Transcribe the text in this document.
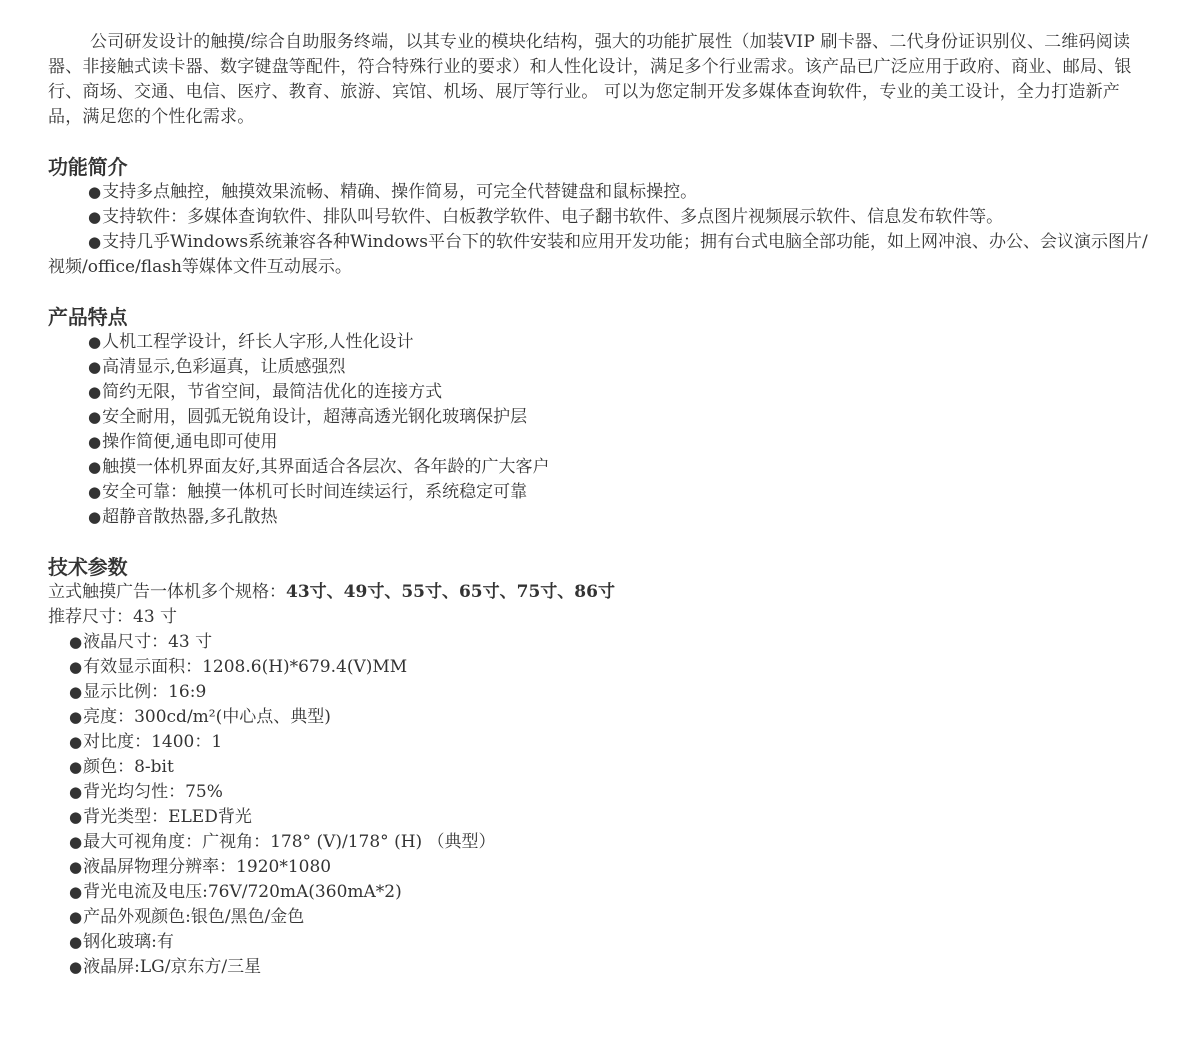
公司研发设计的触摸/综合自助服务终端，以其专业的模块化结构，强大的功能扩展性（加装VIP 刷卡器、二代身份证识别仪、二维码阅读器、非接触式读卡器、数字键盘等配件，符合特殊行业的要求）和人性化设计，满足多个行业需求。该产品已广泛应用于政府、商业、邮局、银行、商场、交通、电信、医疗、教育、旅游、宾馆、机场、展厅等行业。 可以为您定制开发多媒体查询软件，专业的美工设计，全力打造新产品，满足您的个性化需求。

功能简介
●支持多点触控，触摸效果流畅、精确、操作简易，可完全代替键盘和鼠标操控。
●支持软件：多媒体查询软件、排队叫号软件、白板教学软件、电子翻书软件、多点图片视频展示软件、信息发布软件等。
●支持几乎Windows系统兼容各种Windows平台下的软件安装和应用开发功能；拥有台式电脑全部功能，如上网冲浪、办公、会议演示图片/视频/office/flash等媒体文件互动展示。
产品特点
●人机工程学设计，纤长人字形,人性化设计
●高清显示,色彩逼真，让质感强烈
●简约无限，节省空间，最简洁优化的连接方式
●安全耐用，圆弧无锐角设计，超薄高透光钢化玻璃保护层
●操作简便,通电即可使用
●触摸一体机界面友好,其界面适合各层次、各年龄的广大客户
●安全可靠：触摸一体机可长时间连续运行，系统稳定可靠
●超静音散热器,多孔散热
技术参数

立式触摸广告一体机多个规格：43寸、49寸、55寸、65寸、75寸、86寸

推荐尺寸：43 寸

●液晶尺寸：43 寸
●有效显示面积：1208.6(H)*679.4(V)MM
●显示比例：16:9
●亮度：300cd/m²(中心点、典型)
●对比度：1400：1
●颜色：8-bit
●背光均匀性：75%
●背光类型：ELED背光
●最大可视角度：广视角：178° (V)/178° (H) （典型）
●液晶屏物理分辨率：1920*1080
●背光电流及电压:76V/720mA(360mA*2)
●产品外观颜色:银色/黑色/金色
●钢化玻璃:有
●液晶屏:LG/京东方/三星
